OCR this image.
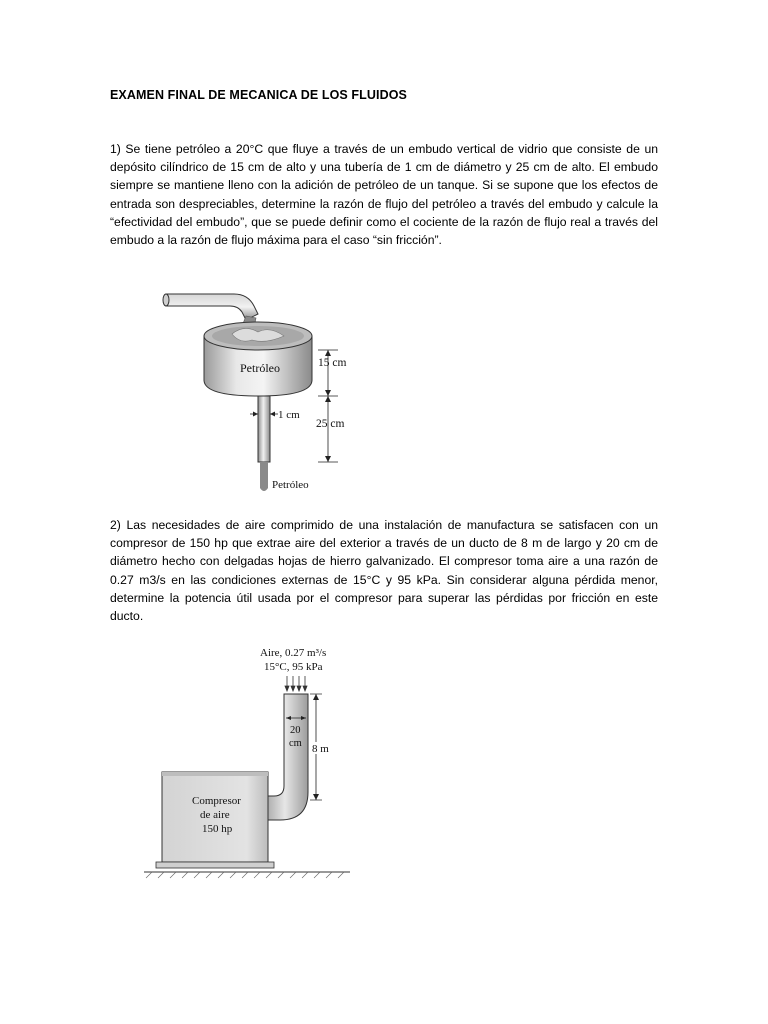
EXAMEN FINAL DE MECANICA DE LOS FLUIDOS

1) Se tiene petróleo a 20°C que fluye a través de un embudo vertical de vidrio que consiste de un depósito cilíndrico de 15 cm de alto y una tubería de 1 cm de diámetro y 25 cm de alto. El embudo siempre se mantiene lleno con la adición de petróleo de un tanque. Si se supone que los efectos de entrada son despreciables, determine la razón de flujo del petróleo a través del embudo y calcule la “efectividad del embudo”, que se puede definir como el cociente de la razón de flujo real a través del embudo a la razón de flujo máxima para el caso “sin fricción”.

Petróleo
Petróleo
1 cm
15 cm
25 cm

2) Las necesidades de aire comprimido de una instalación de manufactura se satisfacen con un compresor de 150 hp que extrae aire del exterior a través de un ducto de 8 m de largo y 20 cm de diámetro hecho con delgadas hojas de hierro galvanizado. El compresor toma aire a una razón de 0.27 m3/s en las condiciones externas de 15°C y 95 kPa. Sin considerar alguna pérdida menor, determine la potencia útil usada por el compresor para superar las pérdidas por fricción en este ducto.

Aire, 0.27 m³/s
15°C, 95 kPa
20
cm 8 m
Compresor
de aire
150 hp
